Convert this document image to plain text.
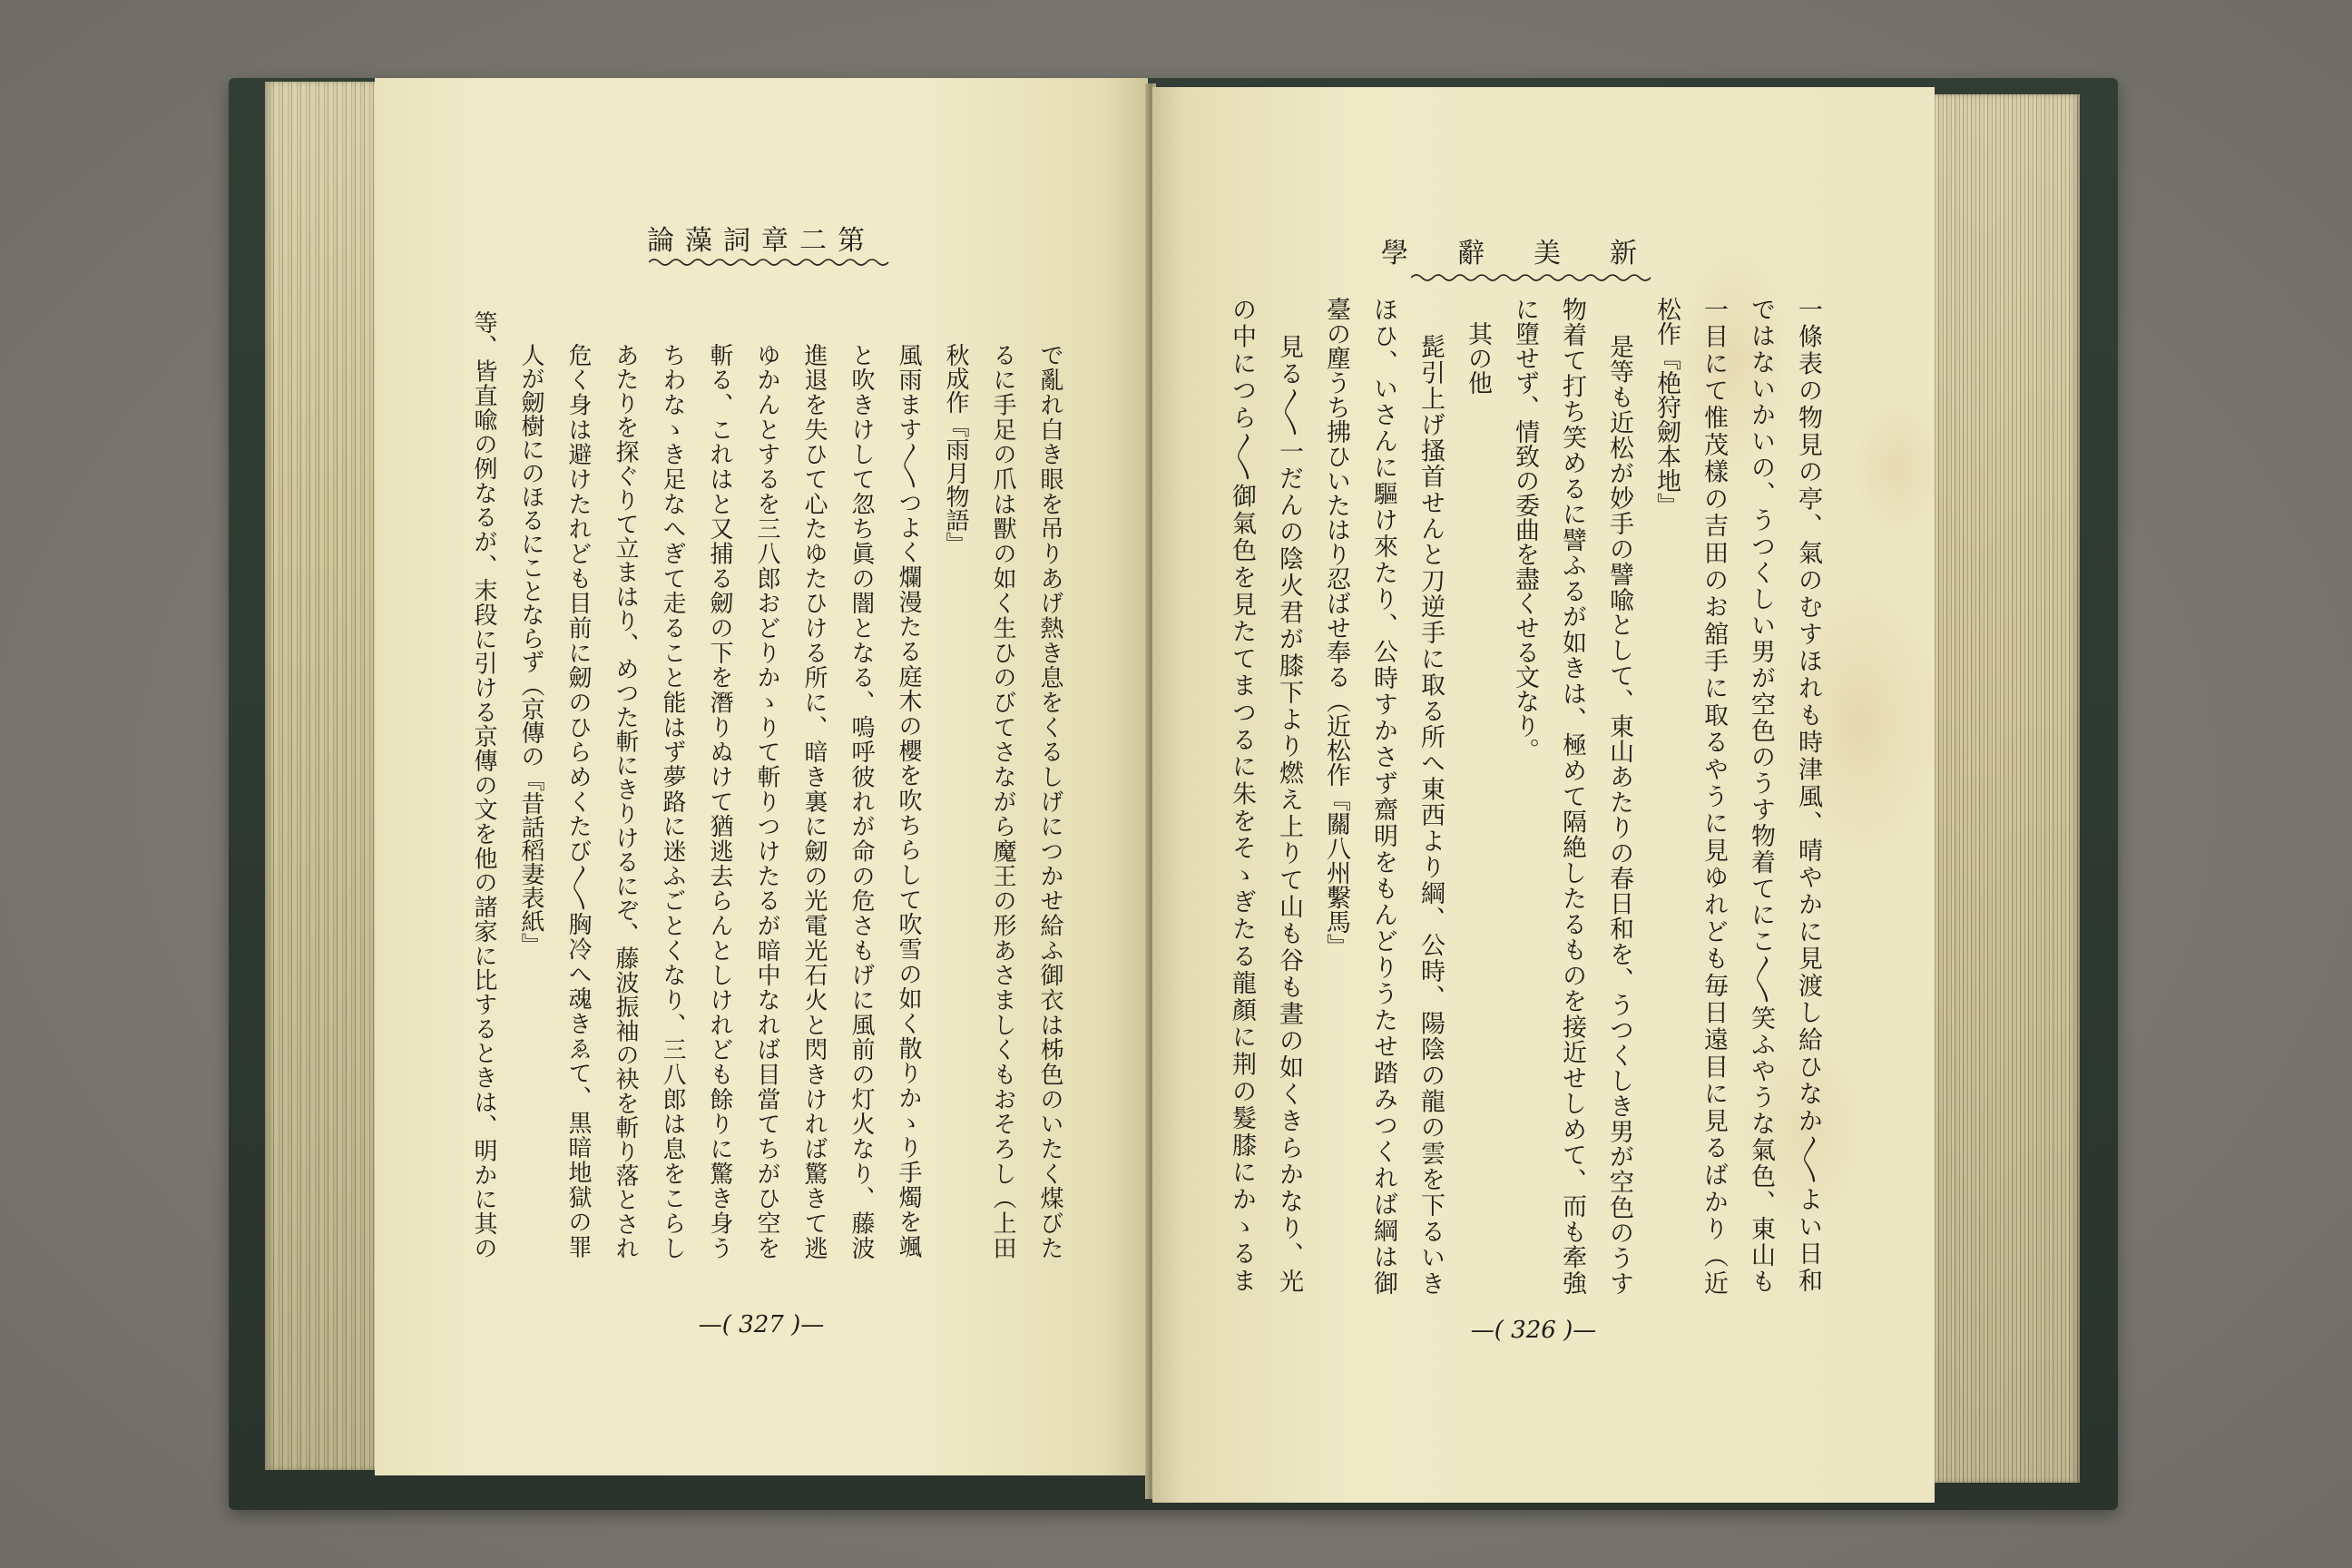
第二章詞藻論
で亂れ白き眼を吊りあげ熱き息をくるしげにつかせ給ふ御衣は柹色のいたく煤びた
るに手足の爪は獸の如く生ひのびてさながら魔王の形あさましくもおそろし（上田
秋成作『雨月物語』
風雨ます〳〵つよく爛漫たる庭木の櫻を吹ちらして吹雪の如く散りかゝり手燭を颯
と吹きけして忽ち眞の闇となる、嗚呼彼れが命の危さもげに風前の灯火なり、藤波
進退を失ひて心たゆたひける所に、暗き裏に劒の光電光石火と閃きければ驚きて逃
ゆかんとするを三八郎おどりかゝりて斬りつけたるが暗中なれば目當てちがひ空を
斬る、これはと又捕る劒の下を潛りぬけて猶逃去らんとしけれども餘りに驚き身う
ちわなゝき足なへぎて走ること能はず夢路に迷ふごとくなり、三八郎は息をこらし
あたりを探ぐりて立まはり、めつた斬にきりけるにぞ、藤波振袖の袂を斬り落とされ
危く身は避けたれども目前に劒のひらめくたび〳〵胸冷へ魂きゑて、黒暗地獄の罪
人が劒樹にのほるにことならず（京傳の『昔話稻妻表紙』
等、皆直喩の例なるが、末段に引ける京傳の文を他の諸家に比するときは、明かに其の
—( 327 )—
新美辭學
一條表の物見の亭、氣のむすほれも時津風、晴やかに見渡し給ひなか〳〵よい日和
ではないかいの、うつくしい男が空色のうす物着てにこ〳〵笑ふやうな氣色、東山も
一目にて惟茂樣の吉田のお舘手に取るやうに見ゆれども毎日遠目に見るばかり（近
松作『栬狩劒本地』
是等も近松が妙手の譬喩として、東山あたりの春日和を、うつくしき男が空色のうす
物着て打ち笑めるに譬ふるが如きは、極めて隔絶したるものを接近せしめて、而も牽強
に墮せず、情致の委曲を盡くせる文なり。
其の他
髭引上げ搔首せんと刀逆手に取る所へ東西より綱、公時、陽陰の龍の雲を下るいき
ほひ、いさんに驅け來たり、公時すかさず齋明をもんどりうたせ踏みつくれば綱は御
臺の塵うち拂ひいたはり忍ばせ奉る（近松作『關八州繫馬』
見る〳〵一だんの陰火君が膝下より燃え上りて山も谷も晝の如くきらかなり、光
の中につら〳〵御氣色を見たてまつるに朱をそゝぎたる龍顏に荆の髮膝にかゝるま
—( 326 )—
